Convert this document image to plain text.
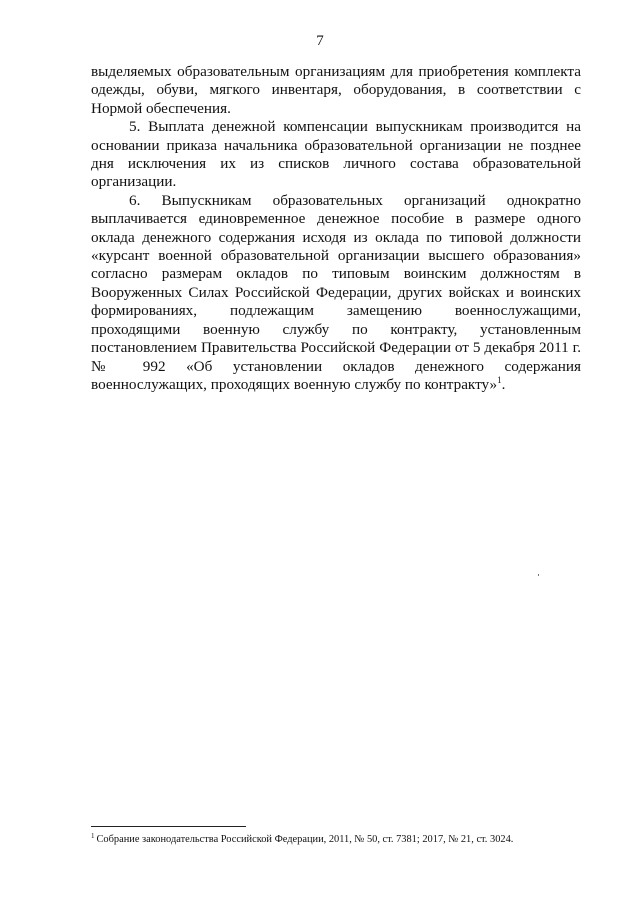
7

выделяемых образовательным организациям для приобретения комплекта одежды, обуви, мягкого инвентаря, оборудования, в соответствии с Нормой обеспечения.

5. Выплата денежной компенсации выпускникам производится на основании приказа начальника образовательной организации не позднее дня исключения их из списков личного состава образовательной организации.

6. Выпускникам образовательных организаций однократно выплачивается единовременное денежное пособие в размере одного оклада денежного содержания исходя из оклада по типовой должности «курсант военной образовательной организации высшего образования» согласно размерам окладов по типовым воинским должностям в Вооруженных Силах Российской Федерации, других войсках и воинских формированиях, подлежащим замещению военнослужащими, проходящими военную службу по контракту, установленным постановлением Правительства Российской Федерации от 5 декабря 2011 г. № 992 «Об установлении окладов денежного содержания военнослужащих, проходящих военную службу по контракту»$^1$.

$^1$ Собрание законодательства Российской Федерации, 2011, № 50, ст. 7381; 2017, № 21, ст. 3024.
